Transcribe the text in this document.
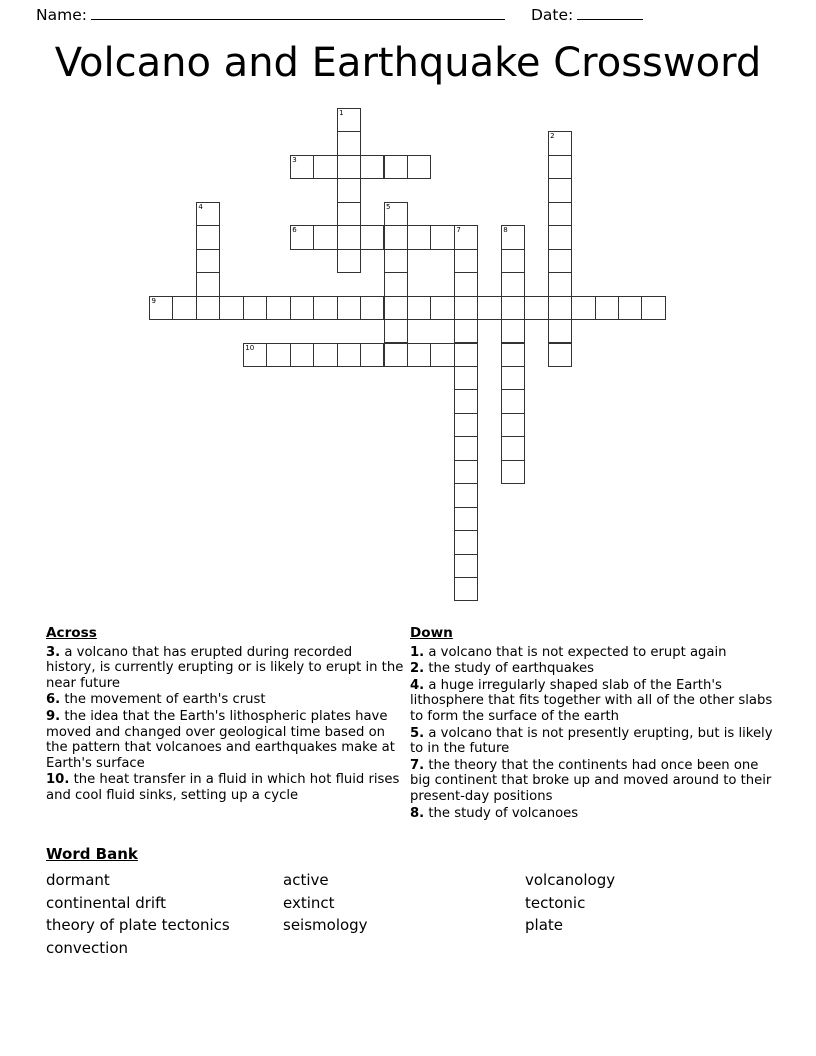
Name:	Date:
Volcano and Earthquake Crossword
1
2
3
4	5
6	7	8
9
10
Across
3. a volcano that has erupted during recorded history, is currently erupting or is likely to erupt in the near future
6. the movement of earth's crust
9. the idea that the Earth's lithospheric plates have moved and changed over geological time based on the pattern that volcanoes and earthquakes make at Earth's surface
10. the heat transfer in a fluid in which hot fluid rises and cool fluid sinks, setting up a cycle
Down
1. a volcano that is not expected to erupt again
2. the study of earthquakes
4. a huge irregularly shaped slab of the Earth's lithosphere that fits together with all of the other slabs to form the surface of the earth
5. a volcano that is not presently erupting, but is likely to in the future
7. the theory that the continents had once been one big continent that broke up and moved around to their present-day positions
8. the study of volcanoes
Word Bank
dormant	active	volcanology
continental drift	extinct	tectonic
theory of plate tectonics	seismology	plate
convection
